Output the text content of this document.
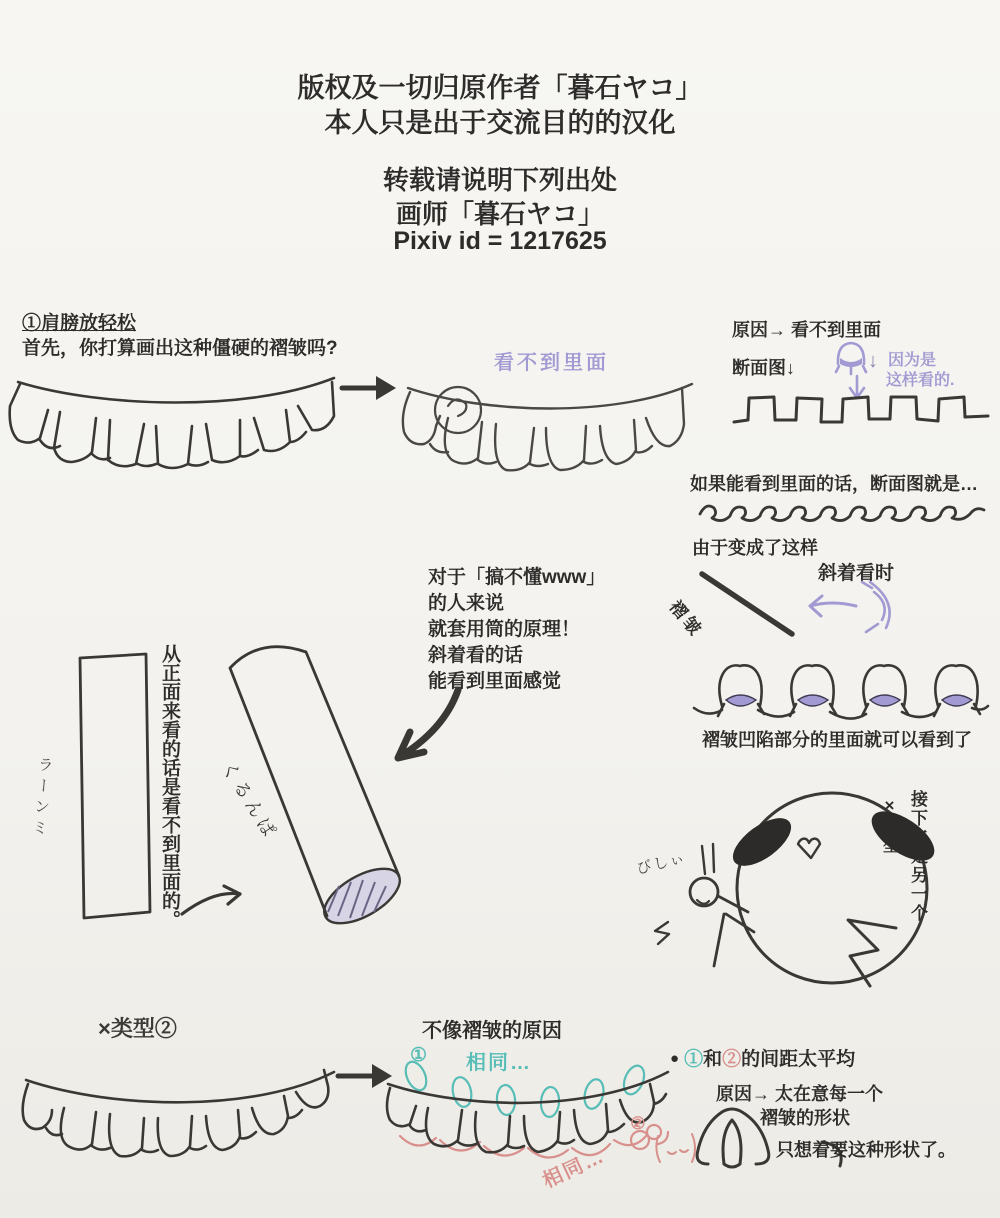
版权及一切归原作者「暮石ヤコ」
本人只是出于交流目的的汉化
转载请说明下列出处
画师「暮石ヤコ」
Pixiv id = 1217625
①肩膀放轻松
首先，你打算画出这种僵硬的褶皱吗?
看不到里面
原因→ 看不到里面
断面图↓	↓ 因为是
这样看的.
如果能看到里面的话，断面图就是…
由于变成了这样
斜着看时
褶皱
褶皱凹陷部分的里面就可以看到了
对于「搞不懂www」
的人来说
就套用筒的原理！
斜着看的话
能看到里面感觉
从正面来看的话是看不到里面的。
ラーンミ	くるんぱ
びしぃ	接下来是另一个
×类型
×类型②	不像褶皱的原因
① 相同…
相同…
②
● ①和②的间距太平均
原因→ 太在意每一个
褶皱的形状
只想着要这种形状了。
